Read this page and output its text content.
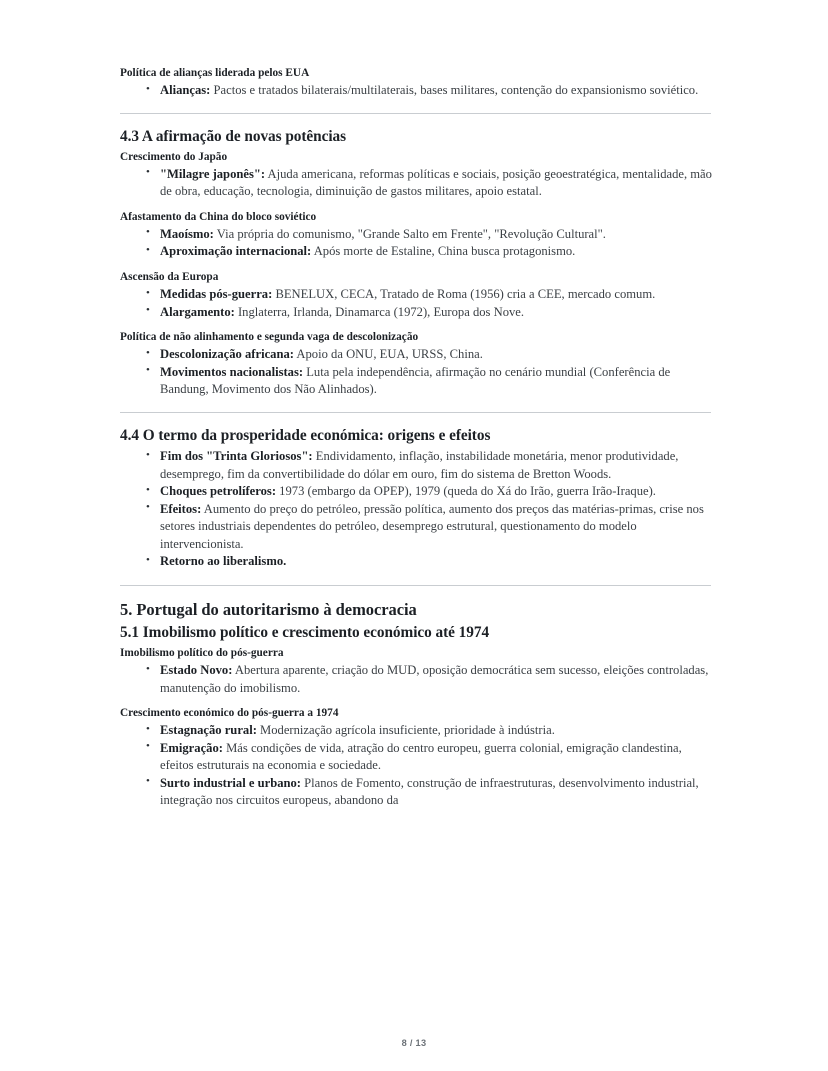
Política de alianças liderada pelos EUA
• Alianças: Pactos e tratados bilaterais/multilaterais, bases militares, contenção do expansionismo soviético.
4.3 A afirmação de novas potências
Crescimento do Japão
• "Milagre japonês": Ajuda americana, reformas políticas e sociais, posição geoestratégica, mentalidade, mão de obra, educação, tecnologia, diminuição de gastos militares, apoio estatal.
Afastamento da China do bloco soviético
• Maoísmo: Via própria do comunismo, "Grande Salto em Frente", "Revolução Cultural".
• Aproximação internacional: Após morte de Estaline, China busca protagonismo.
Ascensão da Europa
• Medidas pós-guerra: BENELUX, CECA, Tratado de Roma (1956) cria a CEE, mercado comum.
• Alargamento: Inglaterra, Irlanda, Dinamarca (1972), Europa dos Nove.
Política de não alinhamento e segunda vaga de descolonização
• Descolonização africana: Apoio da ONU, EUA, URSS, China.
• Movimentos nacionalistas: Luta pela independência, afirmação no cenário mundial (Conferência de Bandung, Movimento dos Não Alinhados).
4.4 O termo da prosperidade económica: origens e efeitos
• Fim dos "Trinta Gloriosos": Endividamento, inflação, instabilidade monetária, menor produtividade, desemprego, fim da convertibilidade do dólar em ouro, fim do sistema de Bretton Woods.
• Choques petrolíferos: 1973 (embargo da OPEP), 1979 (queda do Xá do Irão, guerra Irão-Iraque).
• Efeitos: Aumento do preço do petróleo, pressão política, aumento dos preços das matérias-primas, crise nos setores industriais dependentes do petróleo, desemprego estrutural, questionamento do modelo intervencionista.
• Retorno ao liberalismo.
5. Portugal do autoritarismo à democracia
5.1 Imobilismo político e crescimento económico até 1974
Imobilismo político do pós-guerra
• Estado Novo: Abertura aparente, criação do MUD, oposição democrática sem sucesso, eleições controladas, manutenção do imobilismo.
Crescimento económico do pós-guerra a 1974
• Estagnação rural: Modernização agrícola insuficiente, prioridade à indústria.
• Emigração: Más condições de vida, atração do centro europeu, guerra colonial, emigração clandestina, efeitos estruturais na economia e sociedade.
• Surto industrial e urbano: Planos de Fomento, construção de infraestruturas, desenvolvimento industrial, integração nos circuitos europeus, abandono da
8 / 13
